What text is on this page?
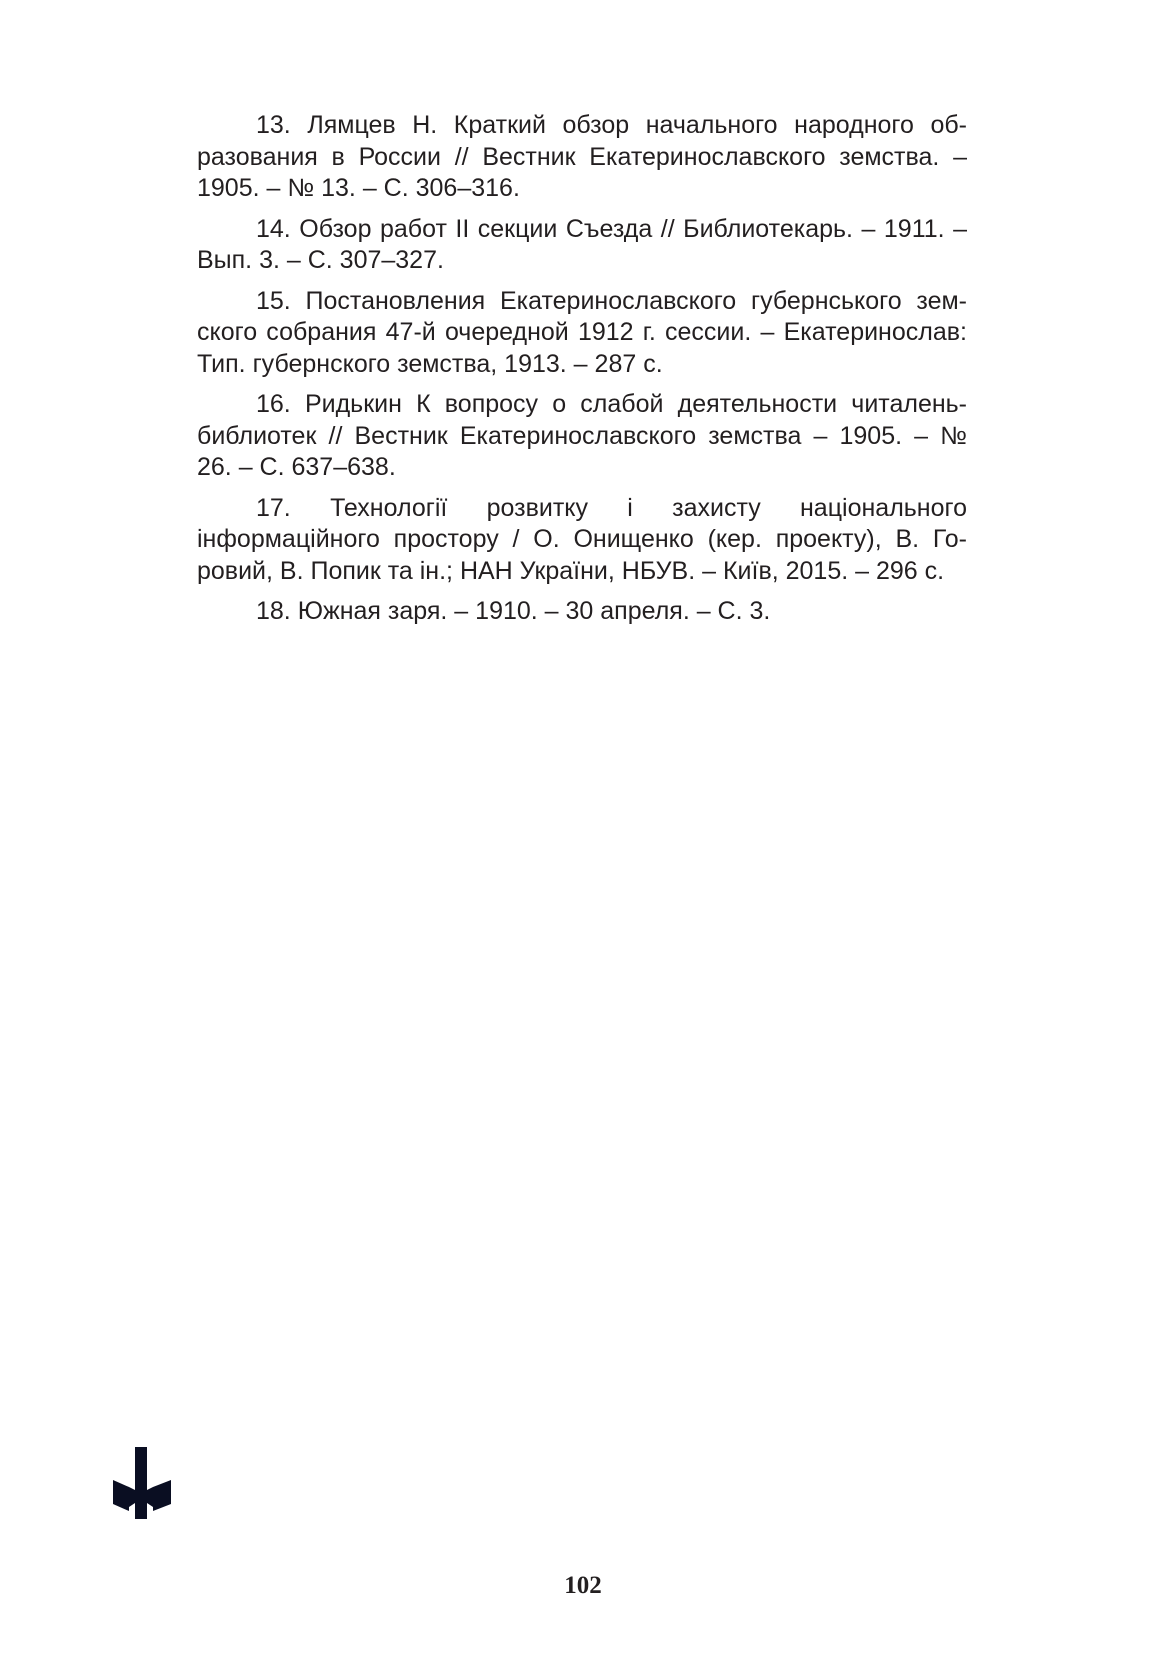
13. Лямцев Н. Краткий обзор начального народного образования в России // Вестник Екатеринославского земства. – 1905. – № 13. – С. 306–316.

14. Обзор работ II секции Съезда // Библиотекарь. – 1911. – Вып. 3. – С. 307–327.

15. Постановления Екатеринославского губернського земского собрания 47-й очередной 1912 г. сессии. – Екатеринослав: Тип. губернского земства, 1913. – 287 с.

16. Ридькин К вопросу о слабой деятельности читалень-библиотек // Вестник Екатеринославского земства – 1905. – № 26. – С. 637–638.

17. Технології розвитку і захисту національного інформаційного простору / О. Онищенко (кер. проекту), В. Горовий, В. Попик та ін.; НАН України, НБУВ. – Київ, 2015. – 296 с.

18. Южная заря. – 1910. – 30 апреля. – С. 3.

102
